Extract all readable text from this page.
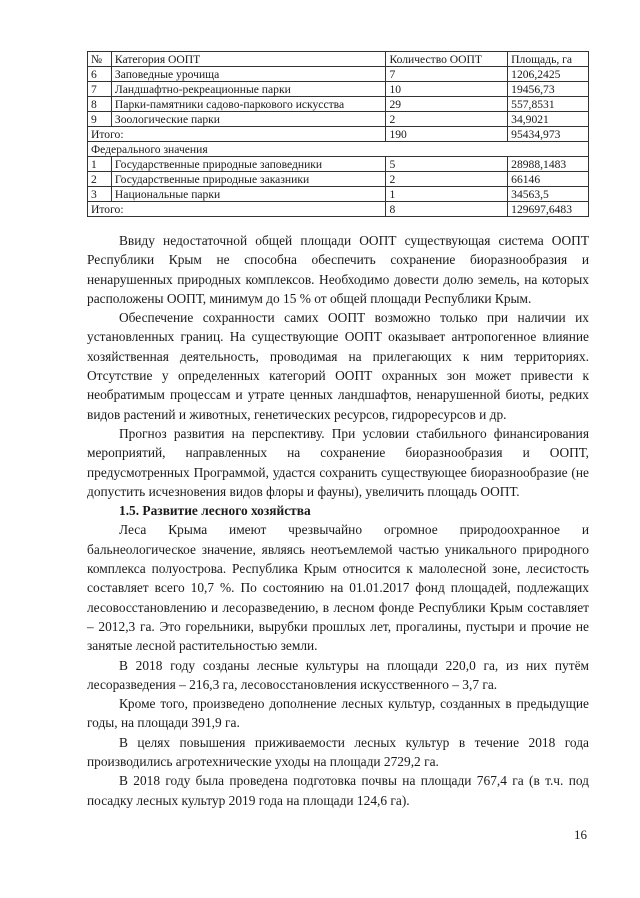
№	Категория ООПТ	Количество ООПТ	Площадь, га
6	Заповедные урочища	7	1206,2425
7	Ландшафтно-рекреационные парки	10	19456,73
8	Парки-памятники садово-паркового искусства	29	557,8531
9	Зоологические парки	2	34,9021
Итого:		190	95434,973
Федерального значения			
1	Государственные природные заповедники	5	28988,1483
2	Государственные природные заказники	2	66146
3	Национальные парки	1	34563,5
Итого:		8	129697,6483

Ввиду недостаточной общей площади ООПТ существующая система ООПТ Республики Крым не способна обеспечить сохранение биоразнообразия и ненарушенных природных комплексов. Необходимо довести долю земель, на которых расположены ООПТ, минимум до 15 % от общей площади Республики Крым.

Обеспечение сохранности самих ООПТ возможно только при наличии их установленных границ. На существующие ООПТ оказывает антропогенное влияние хозяйственная деятельность, проводимая на прилегающих к ним территориях. Отсутствие у определенных категорий ООПТ охранных зон может привести к необратимым процессам и утрате ценных ландшафтов, ненарушенной биоты, редких видов растений и животных, генетических ресурсов, гидроресурсов и др.

Прогноз развития на перспективу. При условии стабильного финансирования мероприятий, направленных на сохранение биоразнообразия и ООПТ, предусмотренных Программой, удастся сохранить существующее биоразнообразие (не допустить исчезновения видов флоры и фауны), увеличить площадь ООПТ.

1.5. Развитие лесного хозяйства

Леса Крыма имеют чрезвычайно огромное природоохранное и бальнеологическое значение, являясь неотъемлемой частью уникального природного комплекса полуострова. Республика Крым относится к малолесной зоне, лесистость составляет всего 10,7 %. По состоянию на 01.01.2017 фонд площадей, подлежащих лесовосстановлению и лесоразведению, в лесном фонде Республики Крым составляет – 2012,3 га. Это горельники, вырубки прошлых лет, прогалины, пустыри и прочие не занятые лесной растительностью земли.

В 2018 году созданы лесные культуры на площади 220,0 га, из них путём лесоразведения – 216,3 га, лесовосстановления искусственного – 3,7 га.

Кроме того, произведено дополнение лесных культур, созданных в предыдущие годы, на площади 391,9 га.

В целях повышения приживаемости лесных культур в течение 2018 года производились агротехнические уходы на площади 2729,2 га.

В 2018 году была проведена подготовка почвы на площади 767,4 га (в т.ч. под посадку лесных культур 2019 года на площади 124,6 га).

16
